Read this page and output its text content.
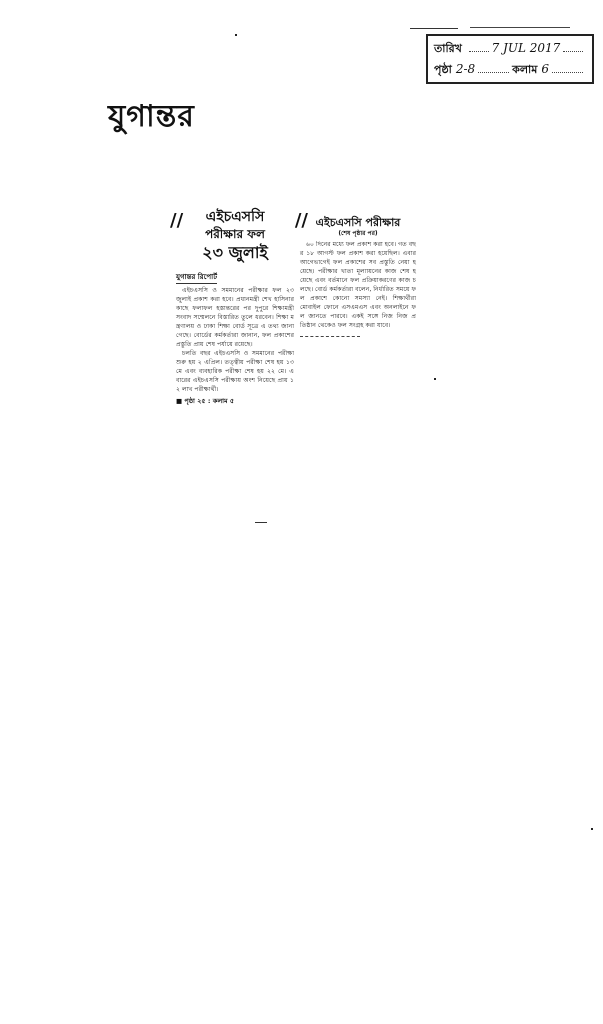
তারিখ 7 JUL 2017
পৃষ্ঠা 2-8	কলাম 6
যুগান্তর
//	এইচএসসি
পরীক্ষার ফল
২৩ জুলাই
//
যুগান্তর রিপোর্ট

এইচএসসি ও সমমানের পরীক্ষার ফল ২৩ জুলাই প্রকাশ করা হবে। প্রধানমন্ত্রী শেখ হাসিনার কাছে ফলাফল হস্তান্তরের পর দুপুরে শিক্ষামন্ত্রী সংবাদ সম্মেলনে বিস্তারিত তুলে ধরবেন। শিক্ষা মন্ত্রণালয় ও ঢাকা শিক্ষা বোর্ড সূত্রে এ তথ্য জানা গেছে। বোর্ডের কর্মকর্তারা জানান, ফল প্রকাশের প্রস্তুতি প্রায় শেষ পর্যায়ে রয়েছে।

চলতি বছর এইচএসসি ও সমমানের পরীক্ষা শুরু হয় ২ এপ্রিল। তত্ত্বীয় পরীক্ষা শেষ হয় ১৩ মে এবং ব্যবহারিক পরীক্ষা শেষ হয় ২২ মে। এবারের এইচএসসি পরীক্ষায় অংশ নিয়েছে প্রায় ১২ লাখ পরীক্ষার্থী।

■ পৃষ্ঠা ২৫ : কলাম ৫
এইচএসসি পরীক্ষার
(শেষ পৃষ্ঠার পর)

৬০ দিনের মধ্যে ফল প্রকাশ করা হবে। গত বছর ১৮ আগস্ট ফল প্রকাশ করা হয়েছিল। এবার আগেভাগেই ফল প্রকাশের সব প্রস্তুতি নেয়া হয়েছে। পরীক্ষার খাতা মূল্যায়নের কাজ শেষ হয়েছে এবং বর্তমানে ফল প্রক্রিয়াকরণের কাজ চলছে। বোর্ড কর্মকর্তারা বলেন, নির্ধারিত সময়ে ফল প্রকাশে কোনো সমস্যা নেই। শিক্ষার্থীরা মোবাইল ফোনে এসএমএস এবং অনলাইনে ফল জানতে পারবে। একই সঙ্গে নিজ নিজ প্রতিষ্ঠান থেকেও ফল সংগ্রহ করা যাবে।
